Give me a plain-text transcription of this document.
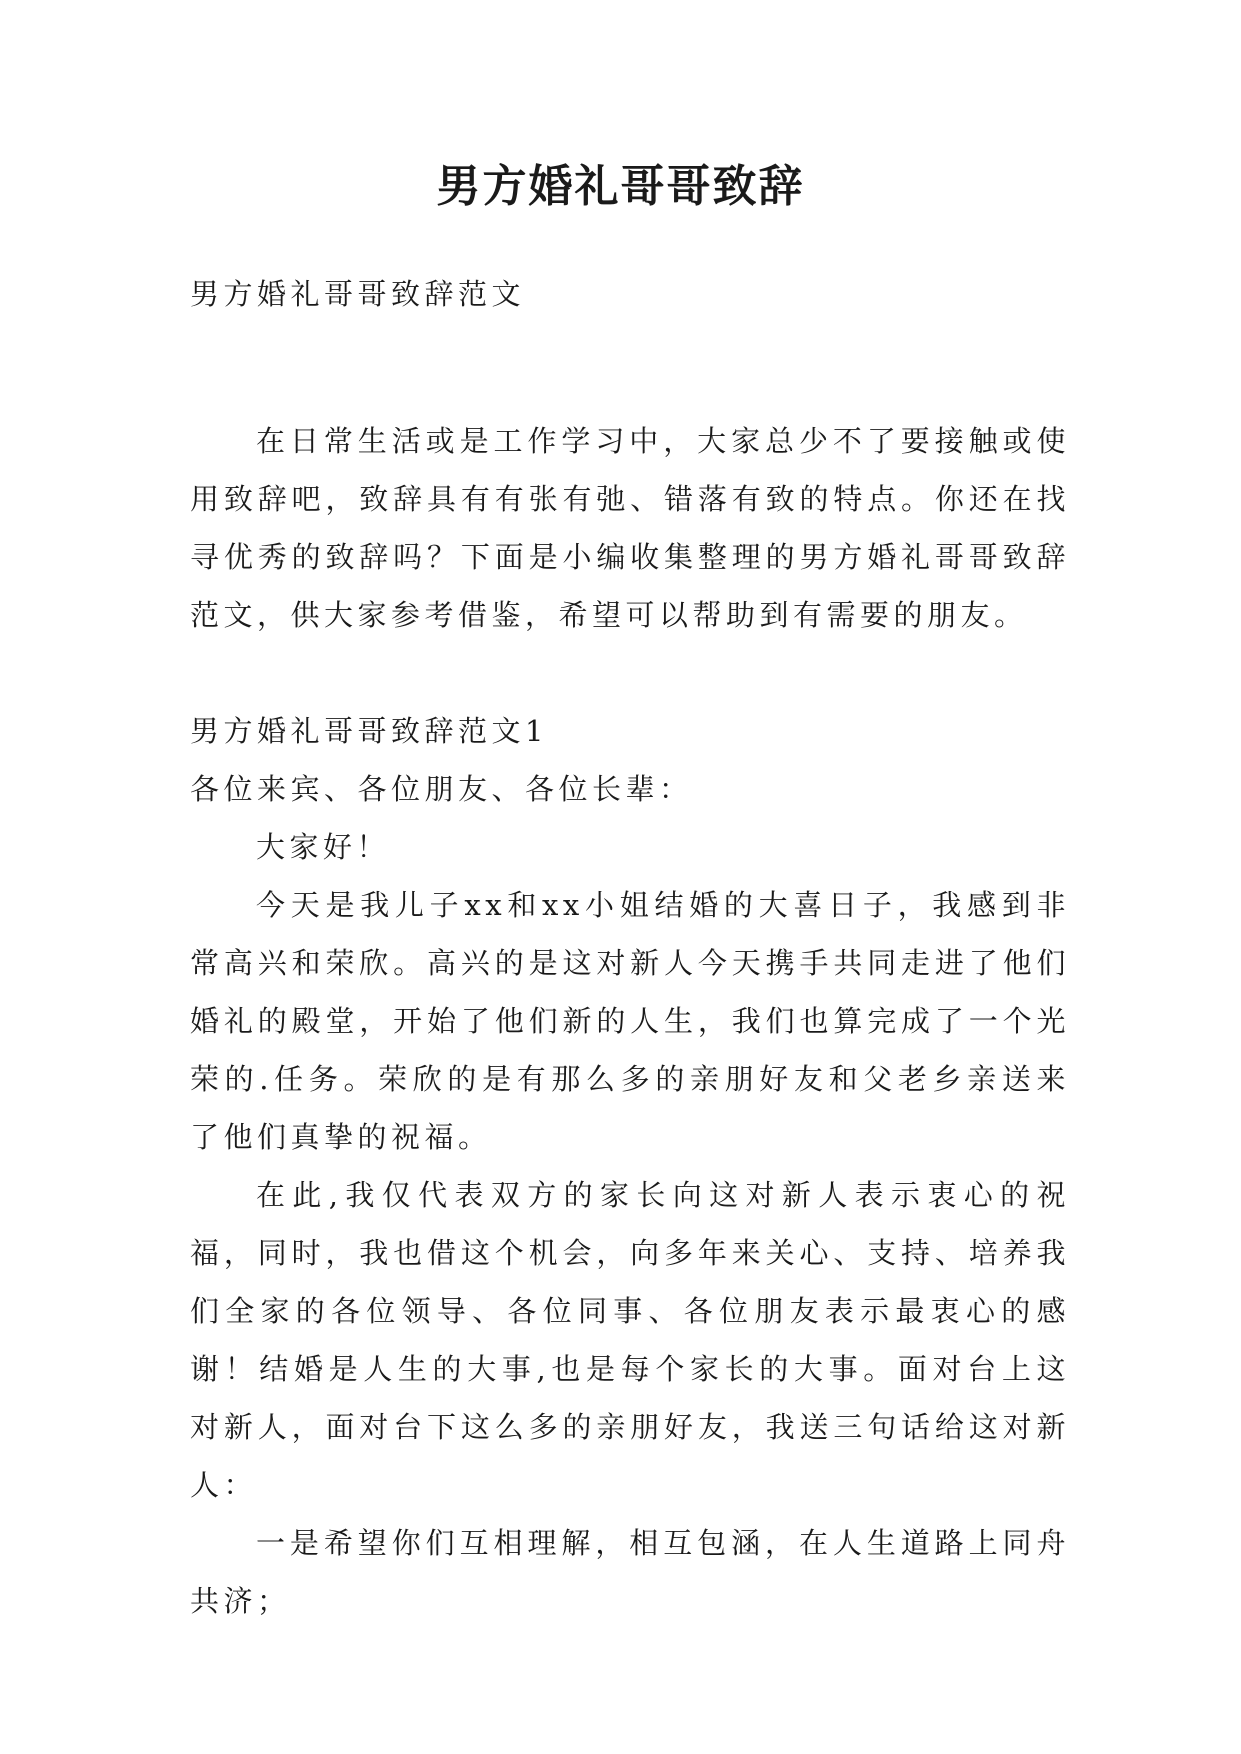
男方婚礼哥哥致辞

男方婚礼哥哥致辞范文

在日常生活或是工作学习中，大家总少不了要接触或使用致辞吧，致辞具有有张有弛、错落有致的特点。你还在找寻优秀的致辞吗？下面是小编收集整理的男方婚礼哥哥致辞范文，供大家参考借鉴，希望可以帮助到有需要的朋友。

男方婚礼哥哥致辞范文1

各位来宾、各位朋友、各位长辈：

大家好！

今天是我儿子xx和xx小姐结婚的大喜日子，我感到非常高兴和荣欣。高兴的是这对新人今天携手共同走进了他们婚礼的殿堂，开始了他们新的人生，我们也算完成了一个光荣的.任务。荣欣的是有那么多的亲朋好友和父老乡亲送来了他们真挚的祝福。

在此,我仅代表双方的家长向这对新人表示衷心的祝福，同时，我也借这个机会，向多年来关心、支持、培养我们全家的各位领导、各位同事、各位朋友表示最衷心的感谢！结婚是人生的大事,也是每个家长的大事。面对台上这对新人，面对台下这么多的亲朋好友，我送三句话给这对新人：

一是希望你们互相理解，相互包涵，在人生道路上同舟共济；
